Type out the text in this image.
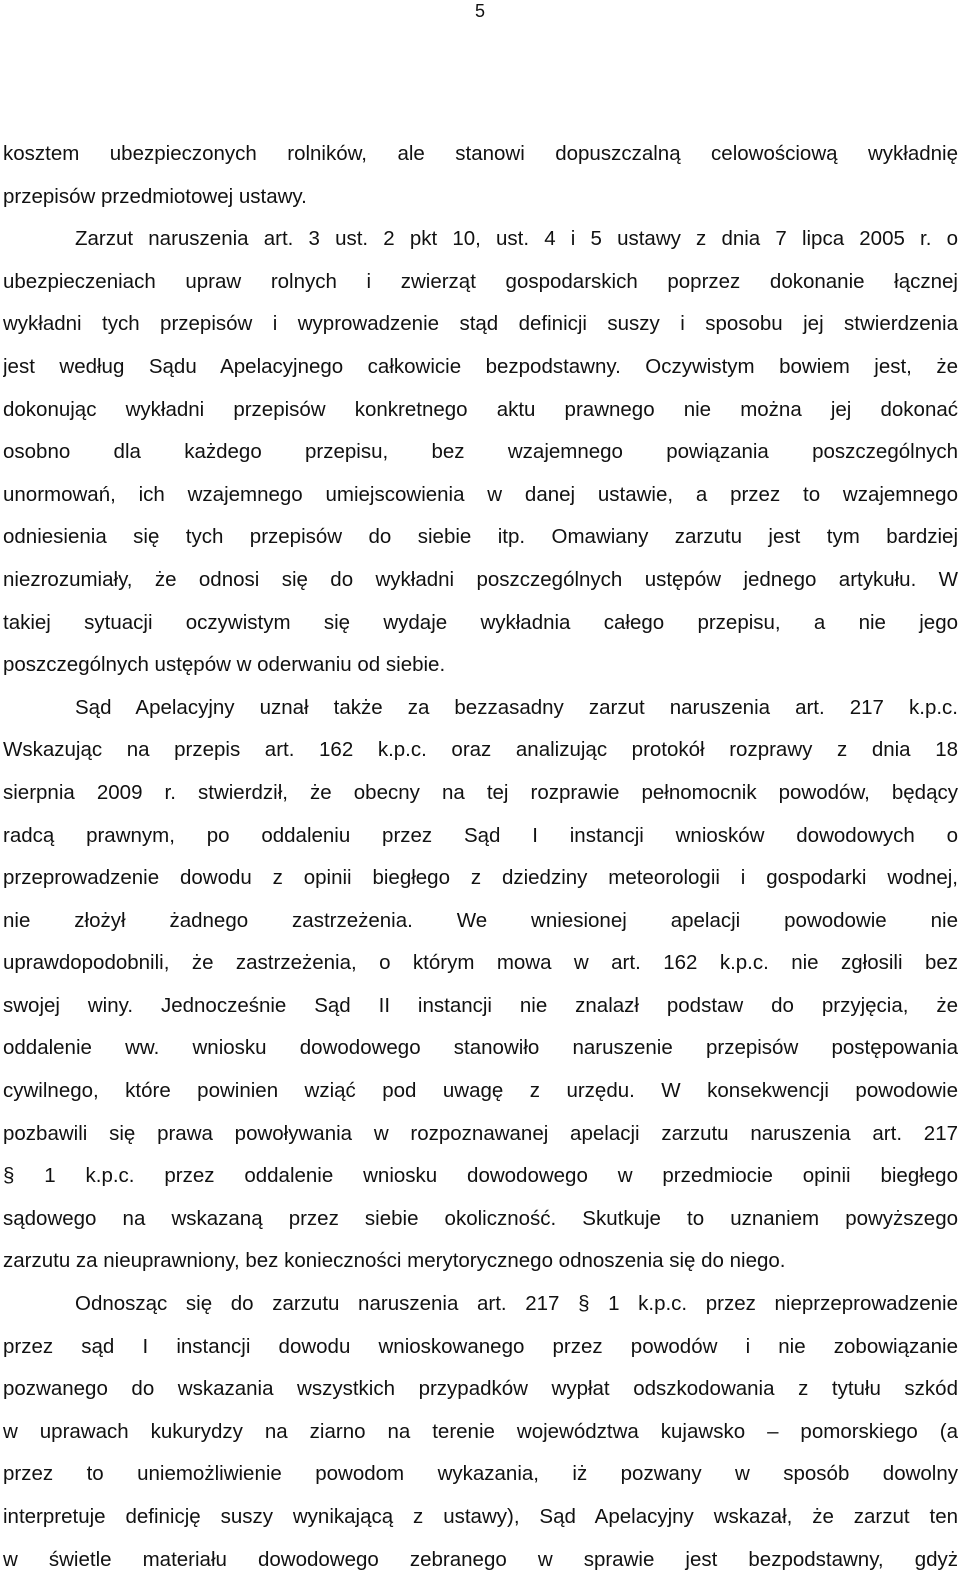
5
kosztem ubezpieczonych rolników, ale stanowi dopuszczalną celowościową wykładnię
przepisów przedmiotowej ustawy.
Zarzut naruszenia art. 3 ust. 2 pkt 10, ust. 4 i 5 ustawy z dnia 7 lipca 2005 r. o
ubezpieczeniach upraw rolnych i zwierząt gospodarskich poprzez dokonanie łącznej
wykładni tych przepisów i wyprowadzenie stąd definicji suszy i sposobu jej stwierdzenia
jest według Sądu Apelacyjnego całkowicie bezpodstawny. Oczywistym bowiem jest, że
dokonując wykładni przepisów konkretnego aktu prawnego nie można jej dokonać
osobno dla każdego przepisu, bez wzajemnego powiązania poszczególnych
unormowań, ich wzajemnego umiejscowienia w danej ustawie, a przez to wzajemnego
odniesienia się tych przepisów do siebie itp. Omawiany zarzutu jest tym bardziej
niezrozumiały, że odnosi się do wykładni poszczególnych ustępów jednego artykułu. W
takiej sytuacji oczywistym się wydaje wykładnia całego przepisu, a nie jego
poszczególnych ustępów w oderwaniu od siebie.
Sąd Apelacyjny uznał także za bezzasadny zarzut naruszenia art. 217 k.p.c.
Wskazując na przepis art. 162 k.p.c. oraz analizując protokół rozprawy z dnia 18
sierpnia 2009 r. stwierdził, że obecny na tej rozprawie pełnomocnik powodów, będący
radcą prawnym, po oddaleniu przez Sąd I instancji wniosków dowodowych o
przeprowadzenie dowodu z opinii biegłego z dziedziny meteorologii i gospodarki wodnej,
nie złożył żadnego zastrzeżenia. We wniesionej apelacji powodowie nie
uprawdopodobnili, że zastrzeżenia, o którym mowa w art. 162 k.p.c. nie zgłosili bez
swojej winy. Jednocześnie Sąd II instancji nie znalazł podstaw do przyjęcia, że
oddalenie ww. wniosku dowodowego stanowiło naruszenie przepisów postępowania
cywilnego, które powinien wziąć pod uwagę z urzędu. W konsekwencji powodowie
pozbawili się prawa powoływania w rozpoznawanej apelacji zarzutu naruszenia art. 217
§ 1 k.p.c. przez oddalenie wniosku dowodowego w przedmiocie opinii biegłego
sądowego na wskazaną przez siebie okoliczność. Skutkuje to uznaniem powyższego
zarzutu za nieuprawniony, bez konieczności merytorycznego odnoszenia się do niego.
Odnosząc się do zarzutu naruszenia art. 217 § 1 k.p.c. przez nieprzeprowadzenie
przez sąd I instancji dowodu wnioskowanego przez powodów i nie zobowiązanie
pozwanego do wskazania wszystkich przypadków wypłat odszkodowania z tytułu szkód
w uprawach kukurydzy na ziarno na terenie województwa kujawsko – pomorskiego (a
przez to uniemożliwienie powodom wykazania, iż pozwany w sposób dowolny
interpretuje definicję suszy wynikającą z ustawy), Sąd Apelacyjny wskazał, że zarzut ten
w świetle materiału dowodowego zebranego w sprawie jest bezpodstawny, gdyż
